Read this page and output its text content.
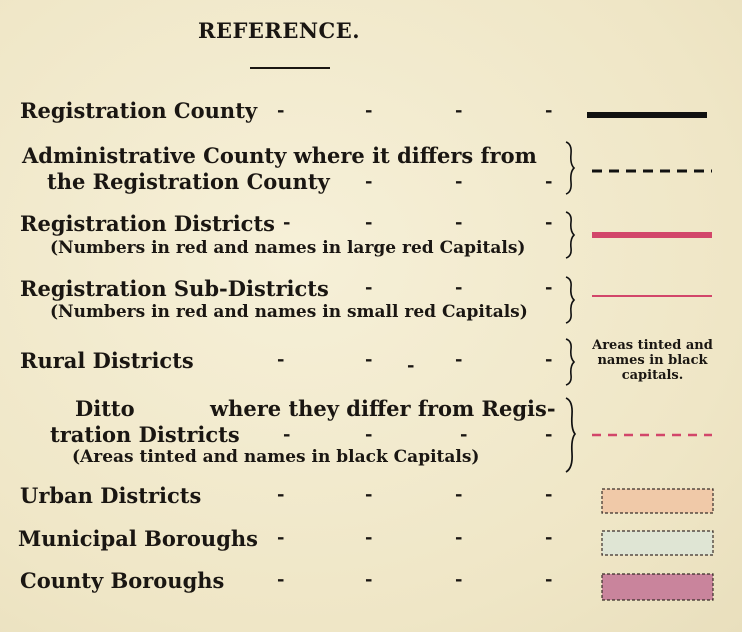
REFERENCE.
Registration County -	-	-	-
Administrative County where it differs from
the Registration County -	-	-
Registration Districts -	-	-	-
(Numbers in red and names in large red Capitals)
Registration Sub-Districts -	-	-
(Numbers in red and names in small red Capitals)
Rural Districts	-	- - -	-
Areas tinted and names in black capitals.
Ditto	where they differ from Regis-
tration Districts -	-	-	-
(Areas tinted and names in black Capitals)
Urban Districts	-	-	-	-
Municipal Boroughs -	-	-	-
County Boroughs	-	-	-	-
